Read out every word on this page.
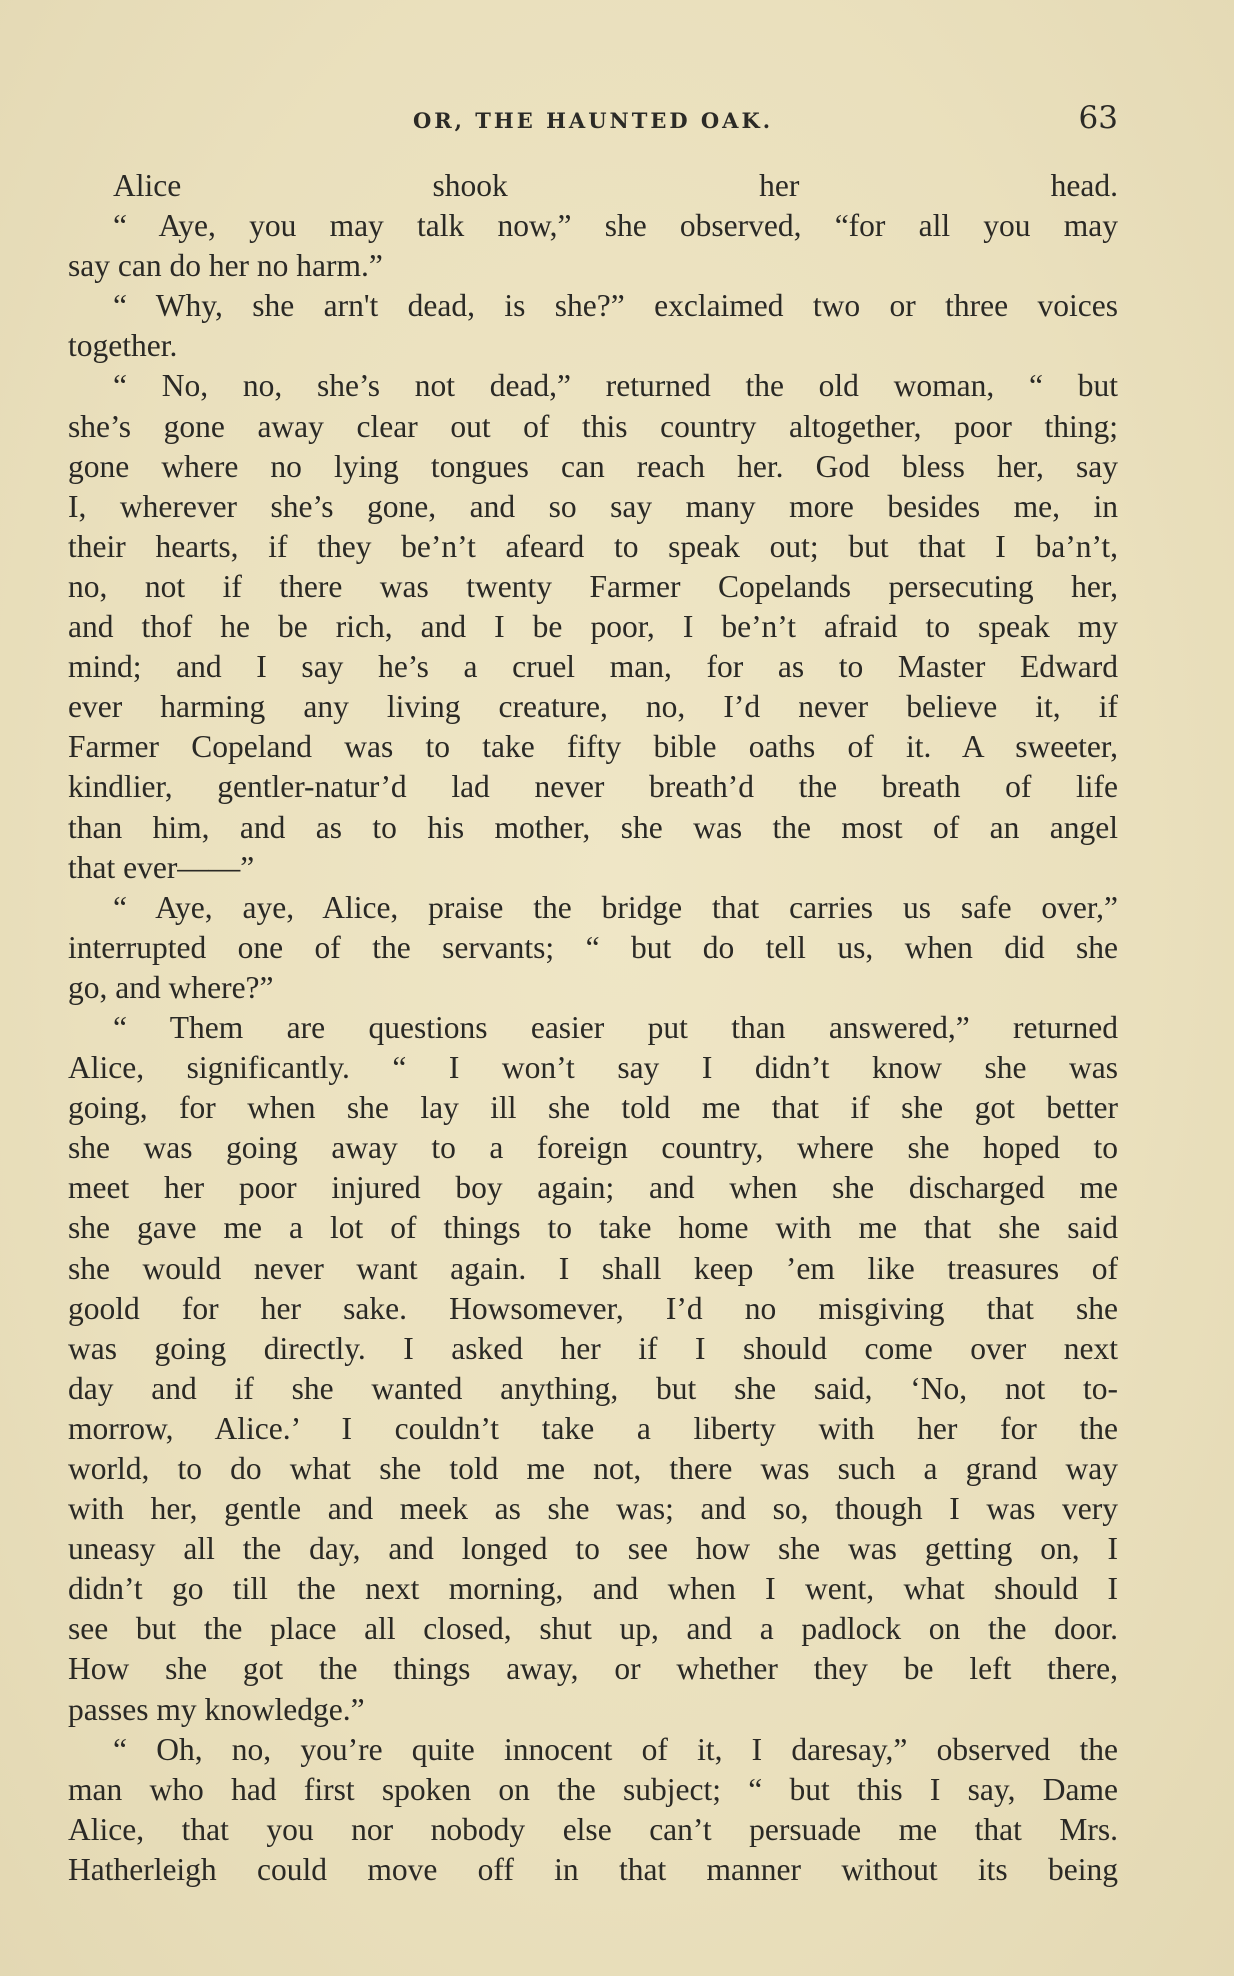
OR, THE HAUNTED OAK.	63
Alice shook her head.
“ Aye, you may talk now,” she observed, “for all you may
say can do her no harm.”
“ Why, she arn't dead, is she?” exclaimed two or three voices
together.
“ No, no, she’s not dead,” returned the old woman, “ but
she’s gone away clear out of this country altogether, poor thing;
gone where no lying tongues can reach her. God bless her, say
I, wherever she’s gone, and so say many more besides me, in
their hearts, if they be’n’t afeard to speak out; but that I ba’n’t,
no, not if there was twenty Farmer Copelands persecuting her,
and thof he be rich, and I be poor, I be’n’t afraid to speak my
mind; and I say he’s a cruel man, for as to Master Edward
ever harming any living creature, no, I’d never believe it, if
Farmer Copeland was to take fifty bible oaths of it. A sweeter,
kindlier, gentler-natur’d lad never breath’d the breath of life
than him, and as to his mother, she was the most of an angel
that ever——”
“ Aye, aye, Alice, praise the bridge that carries us safe over,”
interrupted one of the servants; “ but do tell us, when did she
go, and where?”
“ Them are questions easier put than answered,” returned
Alice, significantly. “ I won’t say I didn’t know she was
going, for when she lay ill she told me that if she got better
she was going away to a foreign country, where she hoped to
meet her poor injured boy again; and when she discharged me
she gave me a lot of things to take home with me that she said
she would never want again. I shall keep ’em like treasures of
goold for her sake. Howsomever, I’d no misgiving that she
was going directly. I asked her if I should come over next
day and if she wanted anything, but she said, ‘No, not to-
morrow, Alice.’ I couldn’t take a liberty with her for the
world, to do what she told me not, there was such a grand way
with her, gentle and meek as she was; and so, though I was very
uneasy all the day, and longed to see how she was getting on, I
didn’t go till the next morning, and when I went, what should I
see but the place all closed, shut up, and a padlock on the door.
How she got the things away, or whether they be left there,
passes my knowledge.”
“ Oh, no, you’re quite innocent of it, I daresay,” observed the
man who had first spoken on the subject; “ but this I say, Dame
Alice, that you nor nobody else can’t persuade me that Mrs.
Hatherleigh could move off in that manner without its being
